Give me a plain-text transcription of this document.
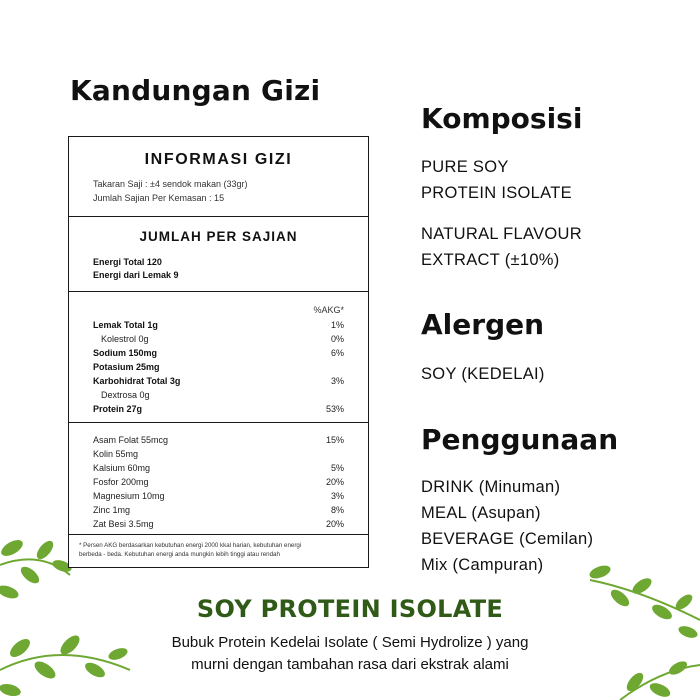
Kandungan Gizi
INFORMASI GIZI
Takaran Saji : ±4 sendok makan (33gr)
Jumlah Sajian Per Kemasan : 15
JUMLAH PER SAJIAN
Energi Total 120
Energi dari Lemak 9
%AKG*
Lemak Total 1g	1%
Kolestrol 0g	0%
Sodium 150mg	6%
Potasium 25mg
Karbohidrat Total 3g	3%
Dextrosa 0g
Protein 27g	53%
Asam Folat 55mcg	15%
Kolin 55mg
Kalsium 60mg	5%
Fosfor 200mg	20%
Magnesium 10mg	3%
Zinc 1mg	8%
Zat Besi 3.5mg	20%
* Persen AKG berdasarkan kebutuhan energi 2000 kkal harian, kebutuhan energi
berbeda - beda. Kebutuhan energi anda mungkin lebih tinggi atau rendah
Komposisi
PURE SOY
PROTEIN ISOLATE
NATURAL FLAVOUR
EXTRACT (±10%)
Alergen
SOY (KEDELAI)
Penggunaan
DRINK (Minuman)
MEAL (Asupan)
BEVERAGE (Cemilan)
Mix (Campuran)
SOY PROTEIN ISOLATE
Bubuk Protein Kedelai Isolate ( Semi Hydrolize ) yang
murni dengan tambahan rasa dari ekstrak alami
